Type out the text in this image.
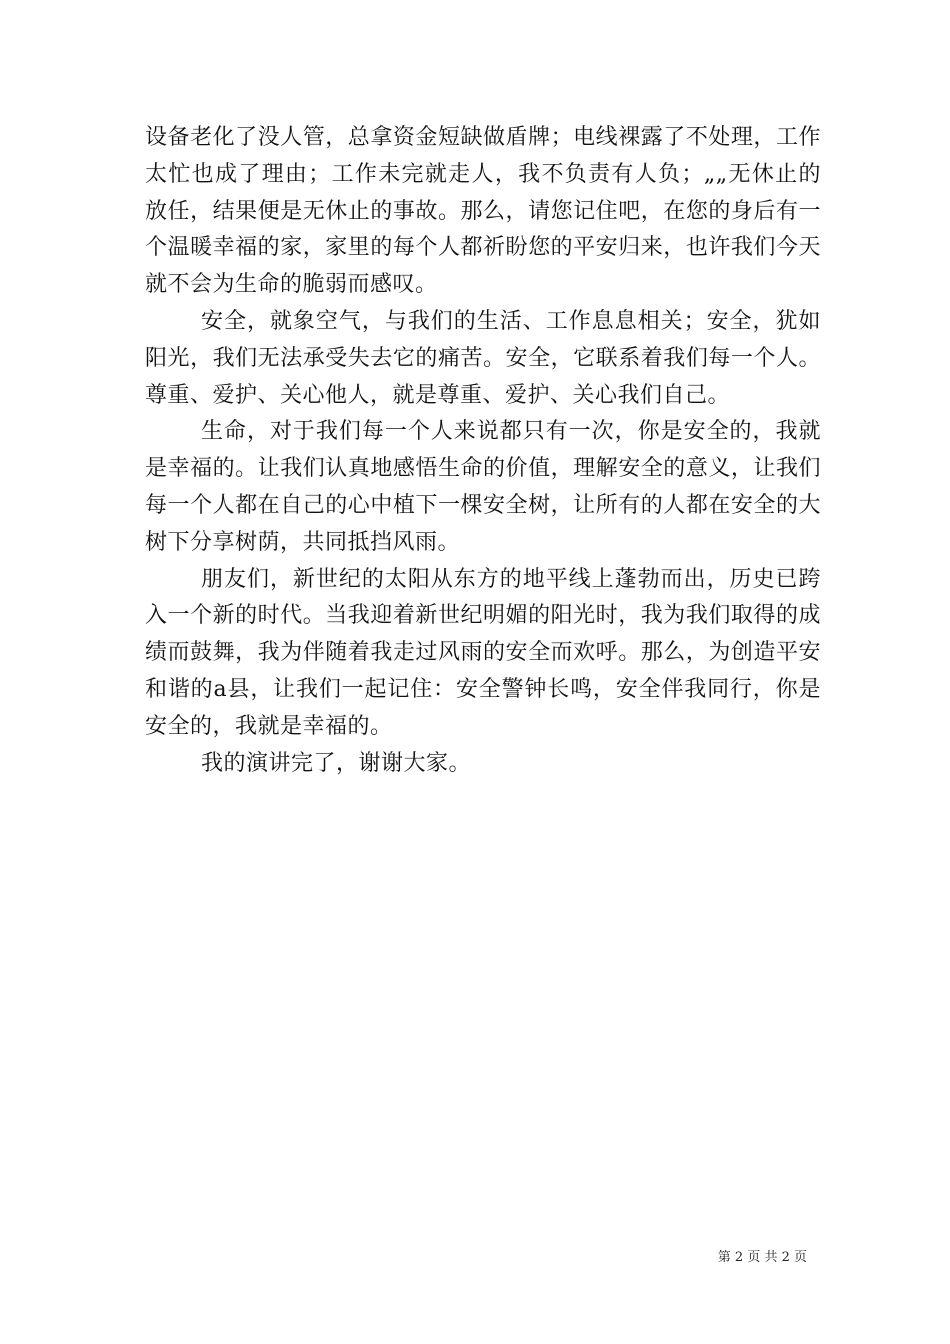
设备老化了没人管，总拿资金短缺做盾牌；电线裸露了不处理，工作太忙也成了理由；工作未完就走人，我不负责有人负；„„无休止的放任，结果便是无休止的事故。那么，请您记住吧，在您的身后有一个温暖幸福的家，家里的每个人都祈盼您的平安归来，也许我们今天就不会为生命的脆弱而感叹。

安全，就象空气，与我们的生活、工作息息相关；安全，犹如阳光，我们无法承受失去它的痛苦。安全，它联系着我们每一个人。尊重、爱护、关心他人，就是尊重、爱护、关心我们自己。

生命，对于我们每一个人来说都只有一次，你是安全的，我就是幸福的。让我们认真地感悟生命的价值，理解安全的意义，让我们每一个人都在自己的心中植下一棵安全树，让所有的人都在安全的大树下分享树荫，共同抵挡风雨。

朋友们，新世纪的太阳从东方的地平线上蓬勃而出，历史已跨入一个新的时代。当我迎着新世纪明媚的阳光时，我为我们取得的成绩而鼓舞，我为伴随着我走过风雨的安全而欢呼。那么，为创造平安和谐的a县，让我们一起记住：安全警钟长鸣，安全伴我同行，你是安全的，我就是幸福的。

我的演讲完了，谢谢大家。

第 2 页 共 2 页
